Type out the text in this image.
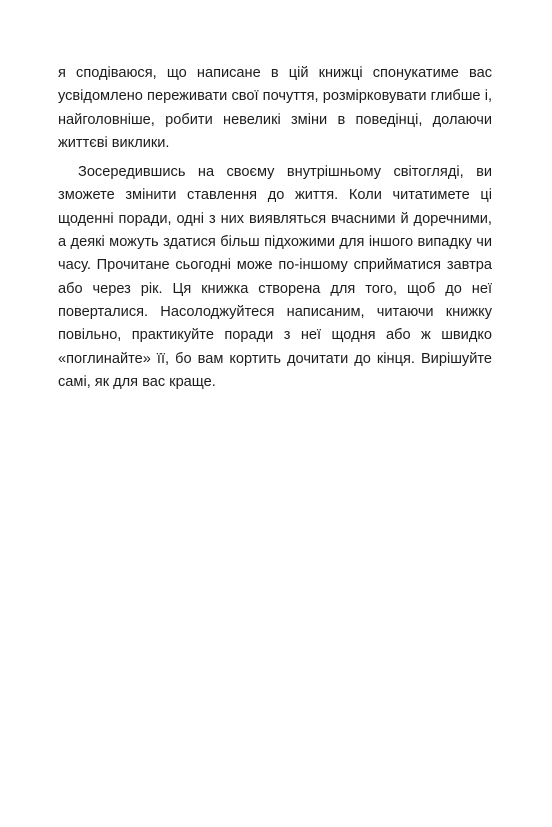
я сподіваюся, що написане в цій книжці спонукатиме вас усвідомлено переживати свої почуття, розмірковувати глибше і, найголовніше, робити невеликі зміни в поведінці, долаючи життєві виклики.

Зосередившись на своєму внутрішньому світогляді, ви зможете змінити ставлення до життя. Коли читатимете ці щоденні поради, одні з них виявляться вчасними й доречними, а деякі можуть здатися більш підхожими для іншого випадку чи часу. Прочитане сьогодні може по-іншому сприйматися завтра або через рік. Ця книжка створена для того, щоб до неї поверталися. Насолоджуйтеся написаним, читаючи книжку повільно, практикуйте поради з неї щодня або ж швидко «поглинайте» її, бо вам кортить дочитати до кінця. Вирішуйте самі, як для вас краще.
